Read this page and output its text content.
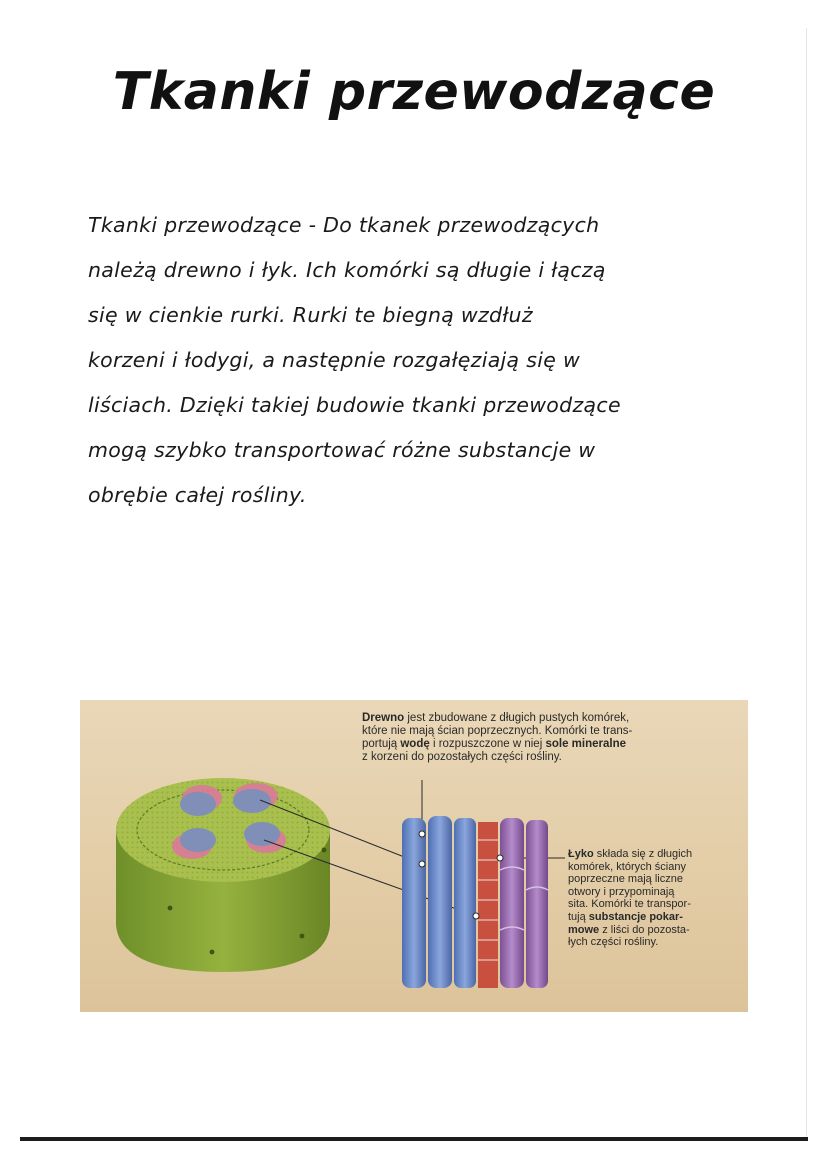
Tkanki przewodzące
Tkanki przewodzące - Do tkanek przewodzących
należą drewno i łyk. Ich komórki są długie i łączą
się w cienkie rurki. Rurki te biegną wzdłuż
korzeni i łodygi, a następnie rozgałęziają się w
liściach. Dzięki takiej budowie tkanki przewodzące
mogą szybko transportować różne substancje w
obrębie całej rośliny.

Drewno jest zbudowane z długich pustych komórek,
które nie mają ścian poprzecznych. Komórki te trans-
portują wodę i rozpuszczone w niej sole mineralne
z korzeni do pozostałych części rośliny.

Łyko składa się z długich
komórek, których ściany
poprzeczne mają liczne
otwory i przypominają
sita. Komórki te transpor-
tują substancje pokar-
mowe z liści do pozosta-
łych części rośliny.
